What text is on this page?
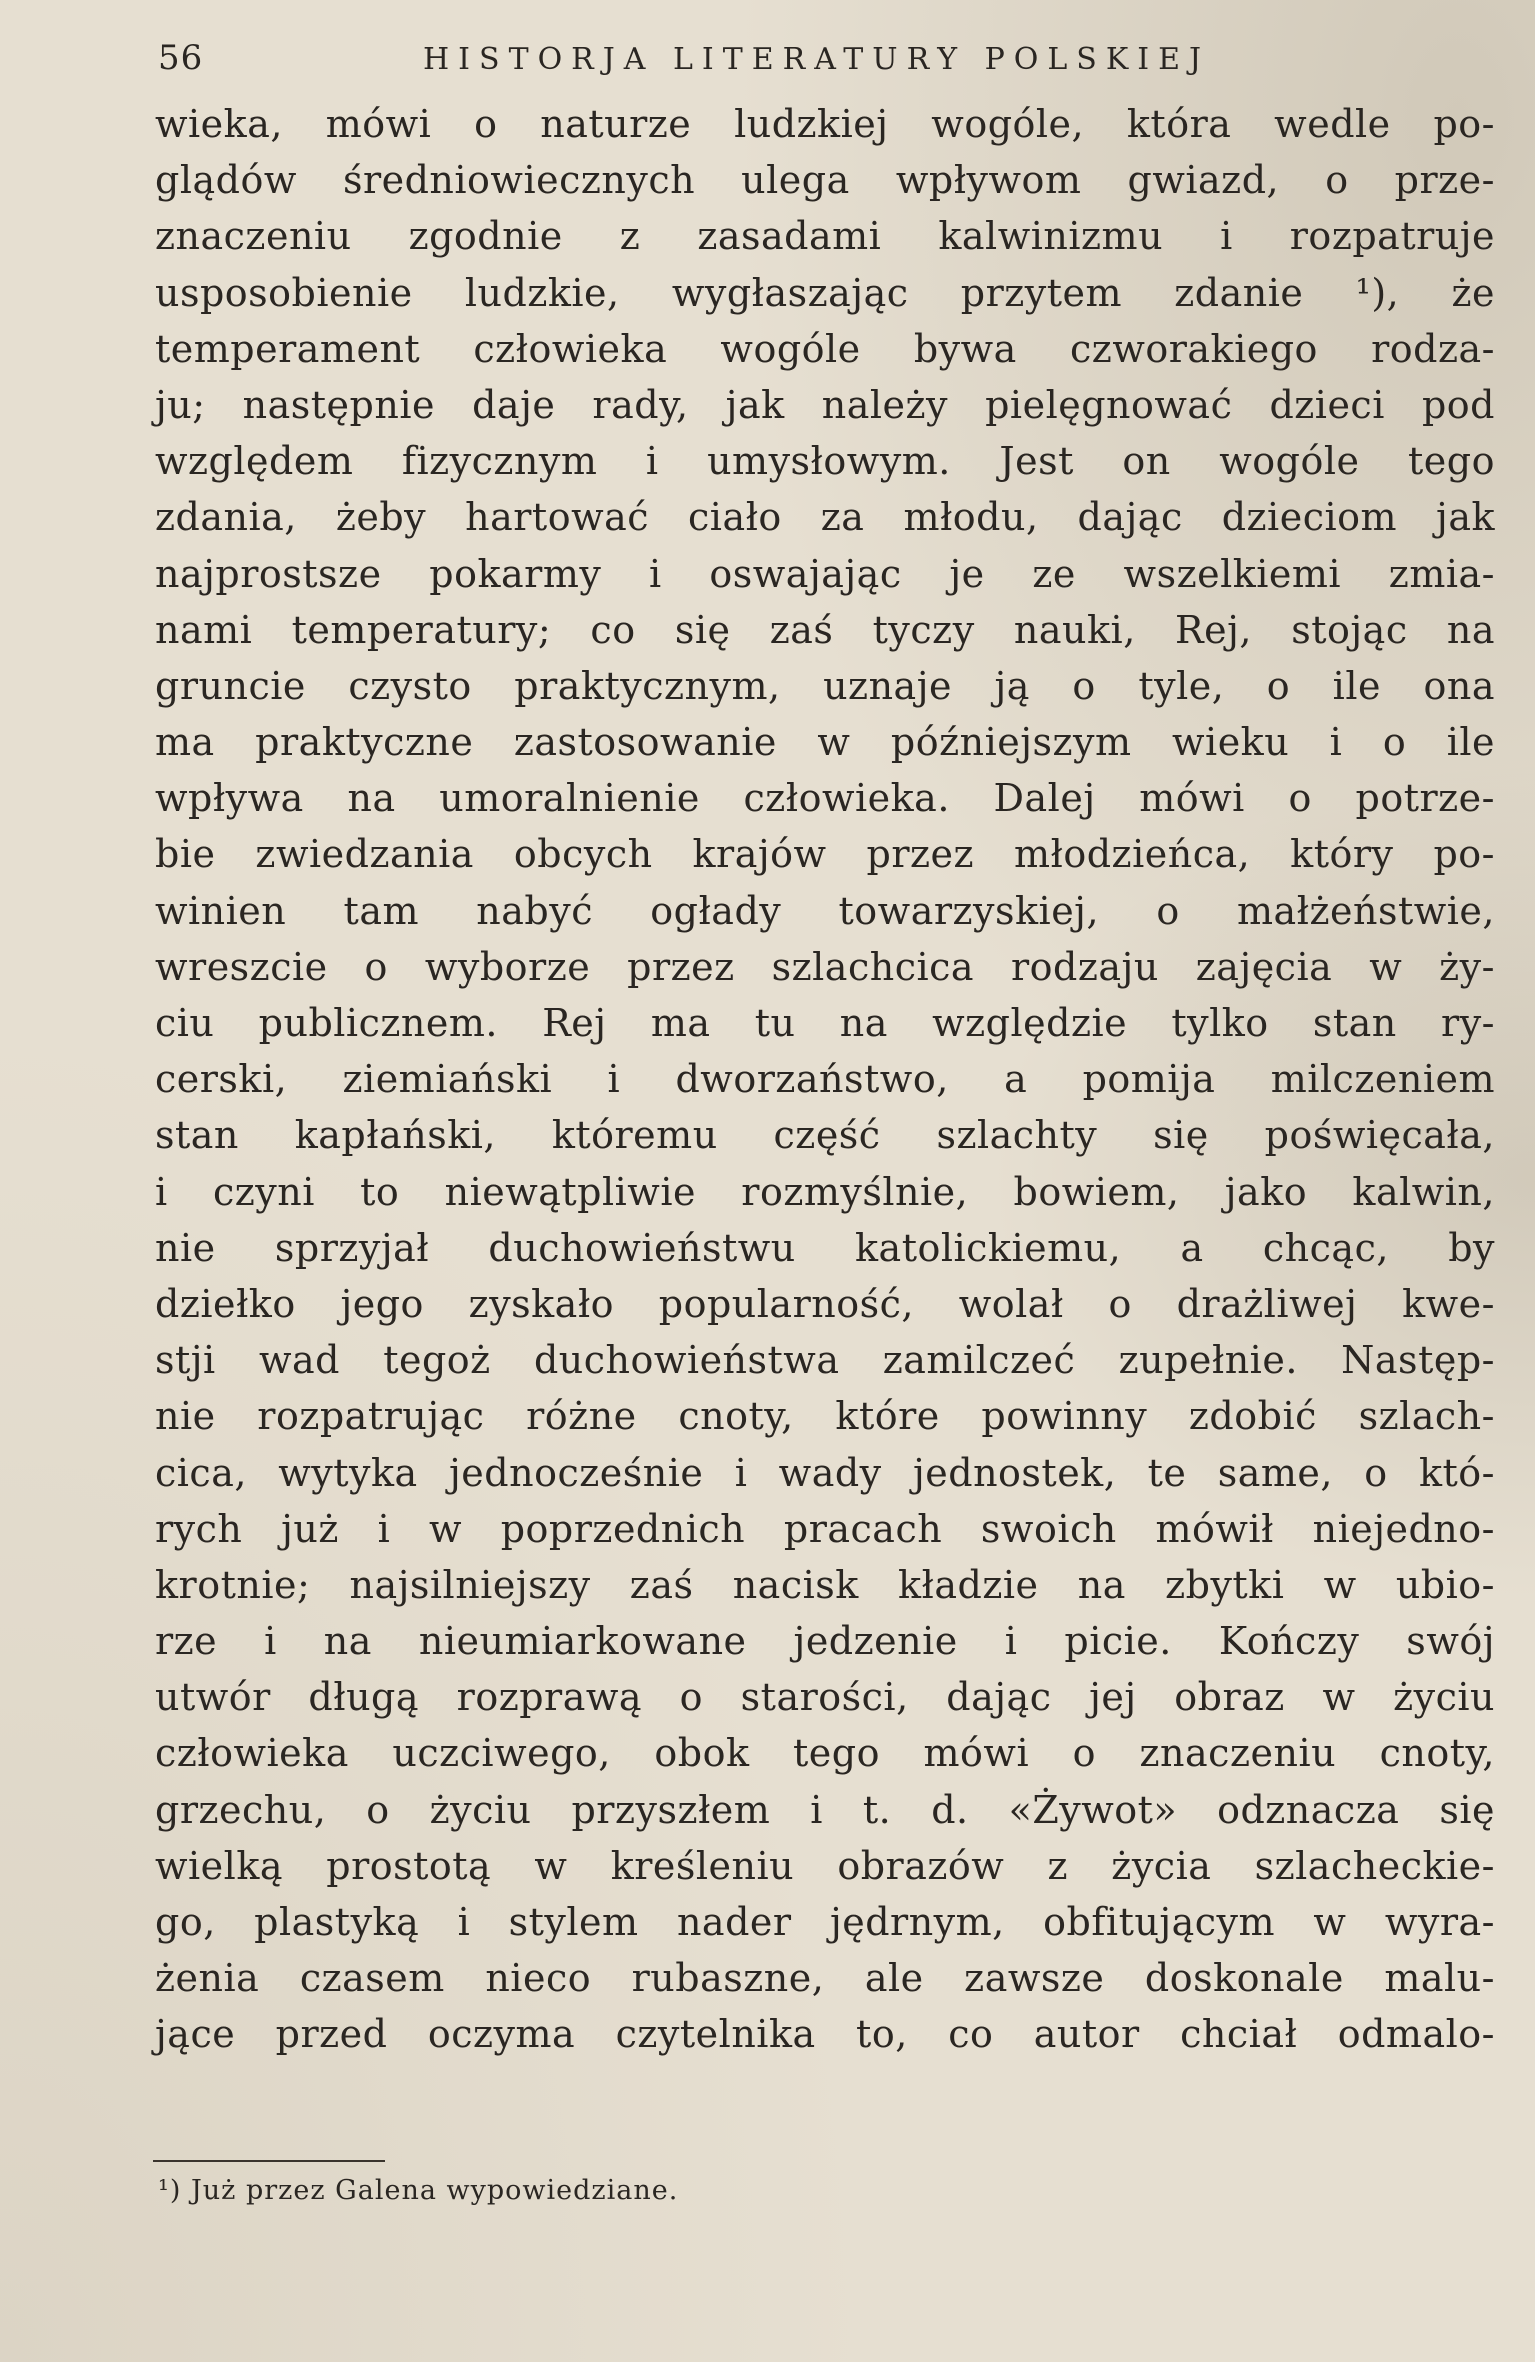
56	HISTORJA LITERATURY POLSKIEJ
wieka, mówi o naturze ludzkiej wogóle, która wedle po-
glądów średniowiecznych ulega wpływom gwiazd, o prze-
znaczeniu zgodnie z zasadami kalwinizmu i rozpatruje
usposobienie ludzkie, wygłaszając przytem zdanie ¹), że
temperament człowieka wogóle bywa czworakiego rodza-
ju; następnie daje rady, jak należy pielęgnować dzieci pod
względem fizycznym i umysłowym. Jest on wogóle tego
zdania, żeby hartować ciało za młodu, dając dzieciom jak
najprostsze pokarmy i oswajając je ze wszelkiemi zmia-
nami temperatury; co się zaś tyczy nauki, Rej, stojąc na
gruncie czysto praktycznym, uznaje ją o tyle, o ile ona
ma praktyczne zastosowanie w późniejszym wieku i o ile
wpływa na umoralnienie człowieka. Dalej mówi o potrze-
bie zwiedzania obcych krajów przez młodzieńca, który po-
winien tam nabyć ogłady towarzyskiej, o małżeństwie,
wreszcie o wyborze przez szlachcica rodzaju zajęcia w ży-
ciu publicznem. Rej ma tu na względzie tylko stan ry-
cerski, ziemiański i dworzaństwo, a pomija milczeniem
stan kapłański, któremu część szlachty się poświęcała,
i czyni to niewątpliwie rozmyślnie, bowiem, jako kalwin,
nie sprzyjał duchowieństwu katolickiemu, a chcąc, by
dziełko jego zyskało popularność, wolał o drażliwej kwe-
stji wad tegoż duchowieństwa zamilczeć zupełnie. Następ-
nie rozpatrując różne cnoty, które powinny zdobić szlach-
cica, wytyka jednocześnie i wady jednostek, te same, o któ-
rych już i w poprzednich pracach swoich mówił niejedno-
krotnie; najsilniejszy zaś nacisk kładzie na zbytki w ubio-
rze i na nieumiarkowane jedzenie i picie. Kończy swój
utwór długą rozprawą o starości, dając jej obraz w życiu
człowieka uczciwego, obok tego mówi o znaczeniu cnoty,
grzechu, o życiu przyszłem i t. d. «Żywot» odznacza się
wielką prostotą w kreśleniu obrazów z życia szlacheckie-
go, plastyką i stylem nader jędrnym, obfitującym w wyra-
żenia czasem nieco rubaszne, ale zawsze doskonale malu-
jące przed oczyma czytelnika to, co autor chciał odmalo-
¹) Już przez Galena wypowiedziane.
